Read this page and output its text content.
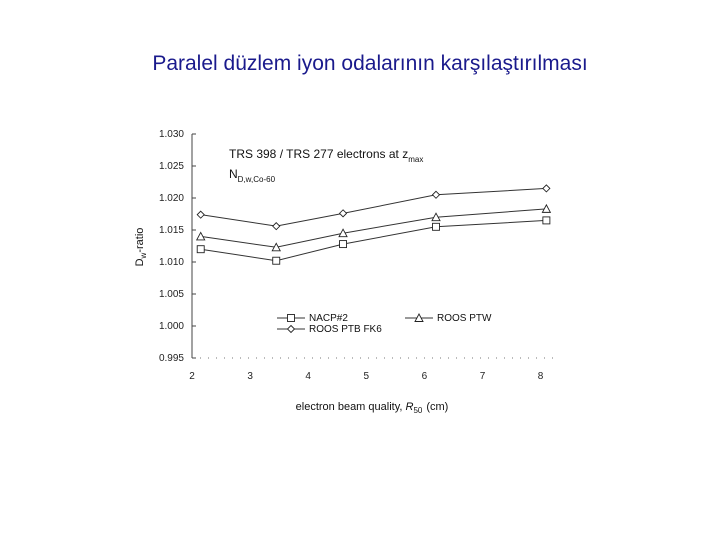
Paralel düzlem iyon odalarının karşılaştırılması
0.995
1.000
1.005
1.010
1.015
1.020
1.025
1.030
2	3	4	5	6	7	8
NACP#2	ROOS PTW
ROOS PTB FK6
TRS 398 / TRS 277 electrons at $z_{max}$
$N_{D,w,Co-60}$
electron beam quality, $R_{50}$ (cm)
$D_w$-ratio
